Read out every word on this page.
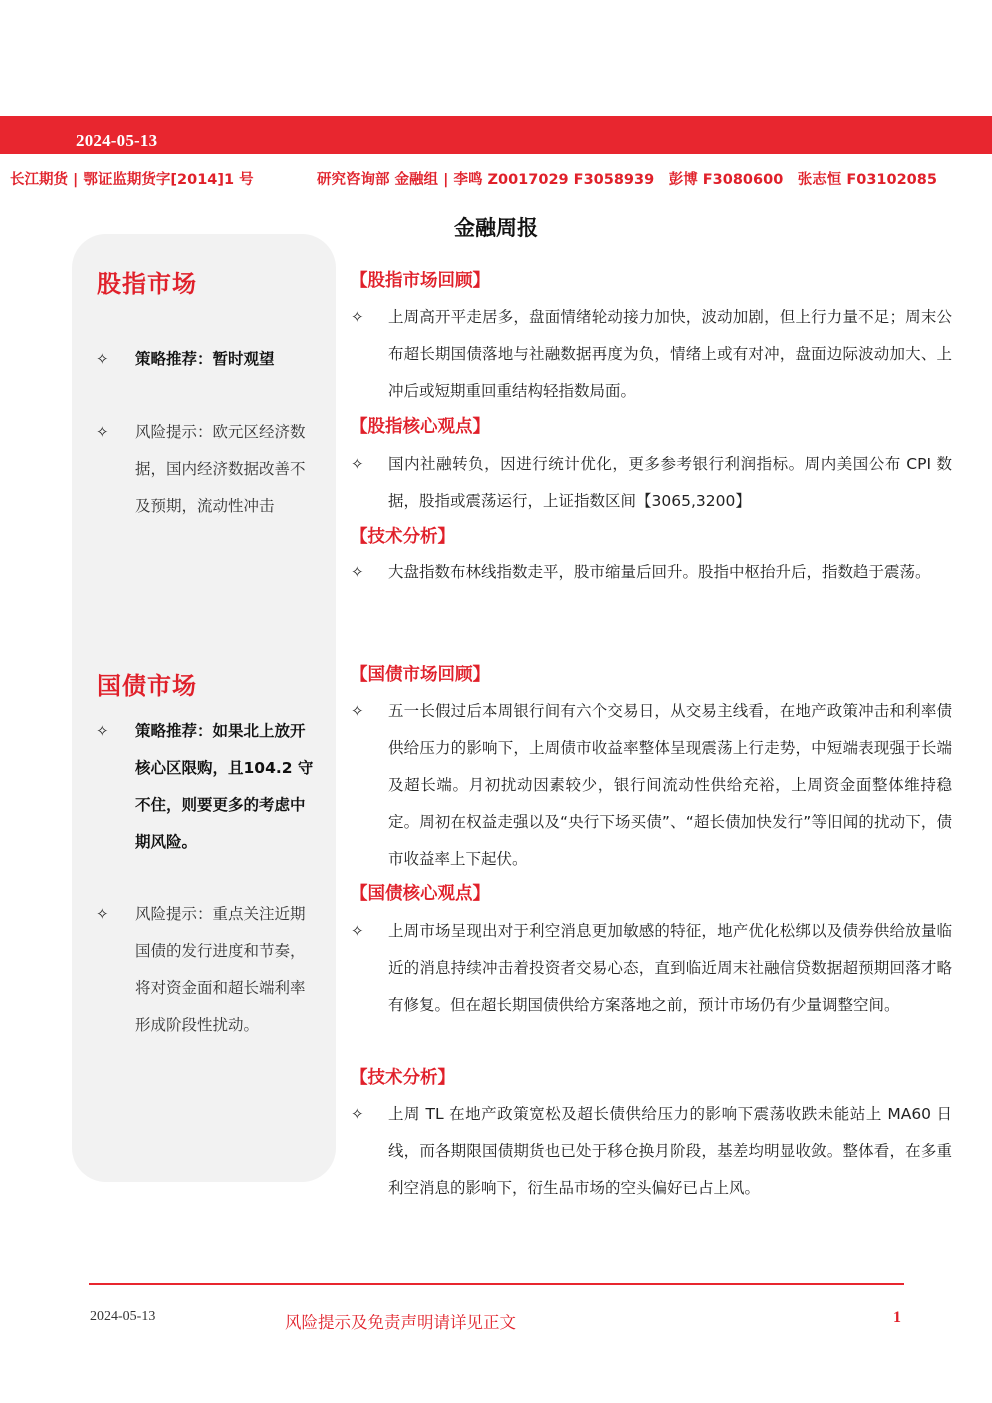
2024-05-13
长江期货 | 鄂证监期货字[2014]1 号	研究咨询部 金融组 | 李鸣 Z0017029 F3058939　彭博 F3080600　张志恒 F03102085
金融周报
股指市场
✧	策略推荐：暂时观望
✧	风险提示：欧元区经济数据，国内经济数据改善不及预期，流动性冲击
国债市场
✧	策略推荐：如果北上放开核心区限购，且104.2 守不住，则要更多的考虑中期风险。
✧	风险提示：重点关注近期国债的发行进度和节奏，将对资金面和超长端利率形成阶段性扰动。
【股指市场回顾】
✧ 上周高开平走居多，盘面情绪轮动接力加快，波动加剧，但上行力量不足；周末公布超长期国债落地与社融数据再度为负，情绪上或有对冲，盘面边际波动加大、上冲后或短期重回重结构轻指数局面。
【股指核心观点】
✧ 国内社融转负，因进行统计优化，更多参考银行利润指标。周内美国公布 CPI 数据，股指或震荡运行，上证指数区间【3065,3200】
【技术分析】
✧ 大盘指数布林线指数走平，股市缩量后回升。股指中枢抬升后，指数趋于震荡。
【国债市场回顾】
✧ 五一长假过后本周银行间有六个交易日，从交易主线看，在地产政策冲击和利率债供给压力的影响下，上周债市收益率整体呈现震荡上行走势，中短端表现强于长端及超长端。月初扰动因素较少，银行间流动性供给充裕，上周资金面整体维持稳定。周初在权益走强以及“央行下场买债”、“超长债加快发行”等旧闻的扰动下，债市收益率上下起伏。
【国债核心观点】
✧ 上周市场呈现出对于利空消息更加敏感的特征，地产优化松绑以及债券供给放量临近的消息持续冲击着投资者交易心态，直到临近周末社融信贷数据超预期回落才略有修复。但在超长期国债供给方案落地之前，预计市场仍有少量调整空间。
【技术分析】
✧ 上周 TL 在地产政策宽松及超长债供给压力的影响下震荡收跌未能站上 MA60 日线，而各期限国债期货也已处于移仓换月阶段，基差均明显收敛。整体看，在多重利空消息的影响下，衍生品市场的空头偏好已占上风。
2024-05-13	风险提示及免责声明请详见正文	1
